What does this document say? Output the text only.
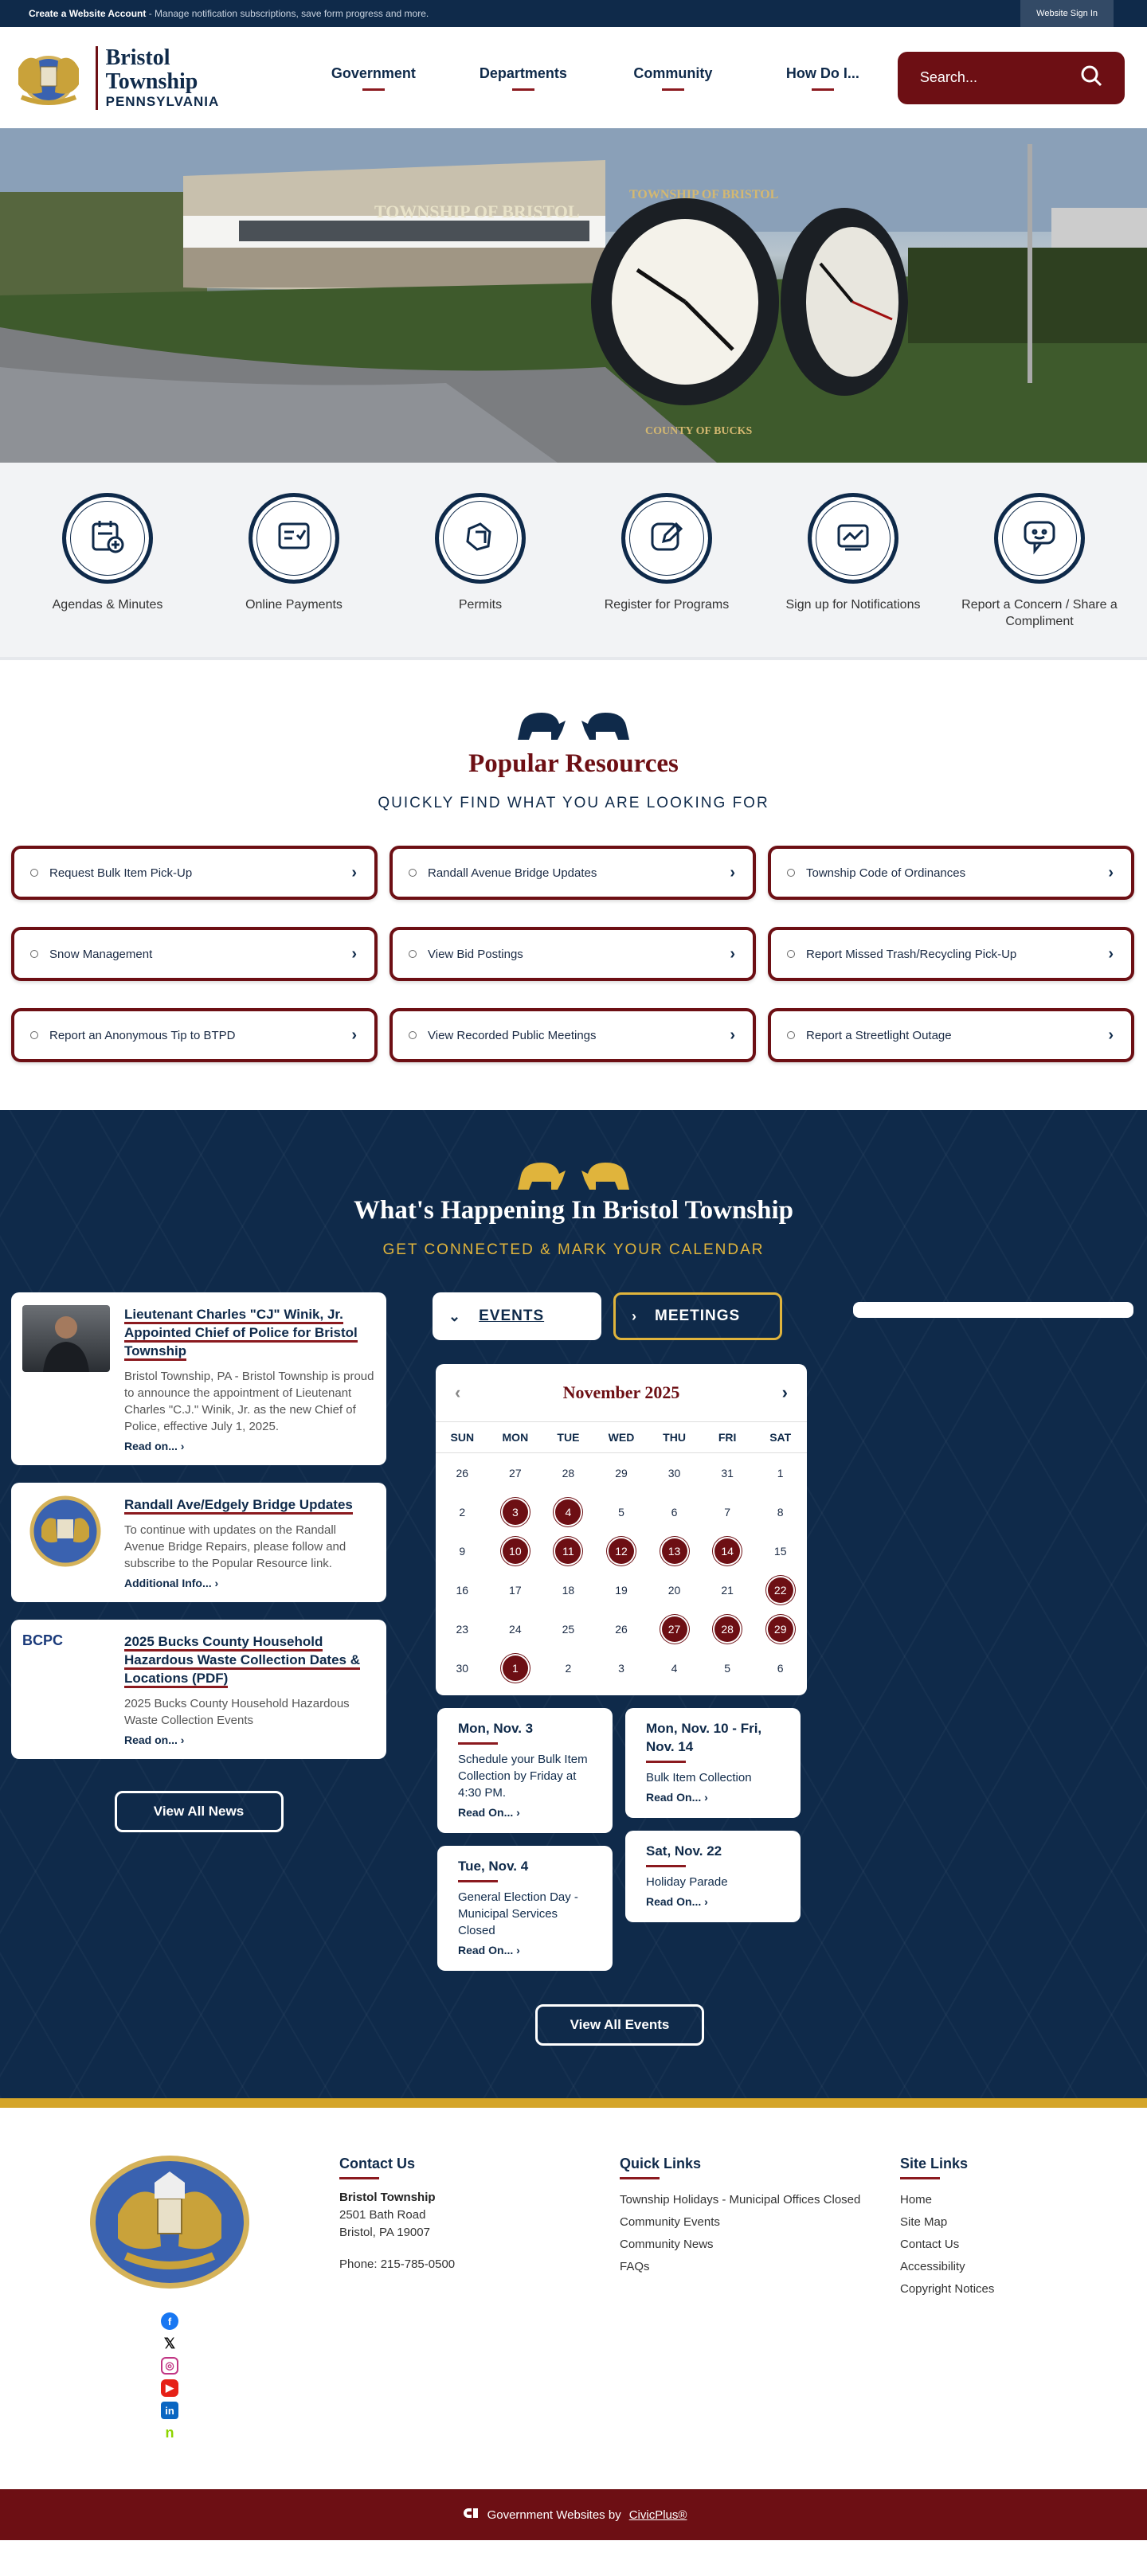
Create a Website Account - Manage notification subscriptions, save form progress and more.	Website Sign In
Bristol Township
PENNSYLVANIA
Government	Departments	Community	How Do I...	Search...
TOWNSHIP OF BRISTOL
TOWNSHIP OF BRISTOL
COUNTY OF BUCKS
Agendas & Minutes	Online Payments	Permits	Register for Programs	Sign up for Notifications	Report a Concern / Share a Compliment
Popular Resources
QUICKLY FIND WHAT YOU ARE LOOKING FOR
Request Bulk Item Pick-Up	›	Randall Avenue Bridge Updates	›	Township Code of Ordinances	›
Snow Management	›	View Bid Postings	›	Report Missed Trash/Recycling Pick-Up	›
Report an Anonymous Tip to BTPD	›	View Recorded Public Meetings	›	Report a Streetlight Outage	›
What's Happening In Bristol Township
GET CONNECTED & MARK YOUR CALENDAR
Lieutenant Charles "CJ" Winik, Jr. Appointed Chief of Police for Bristol Township

Bristol Township, PA - Bristol Township is proud to announce the appointment of Lieutenant Charles "C.J." Winik, Jr. as the new Chief of Police, effective July 1, 2025.

Read on... ›
Randall Ave/Edgely Bridge Updates

To continue with updates on the Randall Avenue Bridge Repairs, please follow and subscribe to the Popular Resource link.

Additional Info... ›
BCPC	2025 Bucks County Household Hazardous Waste Collection Dates & Locations (PDF)

2025 Bucks County Household Hazardous Waste Collection Events

Read on... ›
View All News
⌄ EVENTS	› MEETINGS
‹	November 2025	›
SUN	MON	TUE	WED	THU	FRI	SAT
26	27	28	29	30	31	1
2	3	4	5	6	7	8
9	10	11	12	13	14	15
16	17	18	19	20	21	22
23	24	25	26	27	28	29
30	1	2	3	4	5	6
Mon, Nov. 3

Schedule your Bulk Item Collection by Friday at 4:30 PM.

Read On... ›
Tue, Nov. 4

General Election Day - Municipal Services Closed

Read On... ›
Mon, Nov. 10 - Fri, Nov. 14

Bulk Item Collection

Read On... ›
Sat, Nov. 22

Holiday Parade

Read On... ›
View All Events
f
𝕏
◎
▶
in
n
Contact Us
Bristol Township
2501 Bath Road
Bristol, PA 19007
Phone: 215-785-0500
Quick Links
Township Holidays - Municipal Offices Closed
Community Events
Community News
FAQs
Site Links
Home
Site Map
Contact Us
Accessibility
Copyright Notices
Government Websites by CivicPlus®
